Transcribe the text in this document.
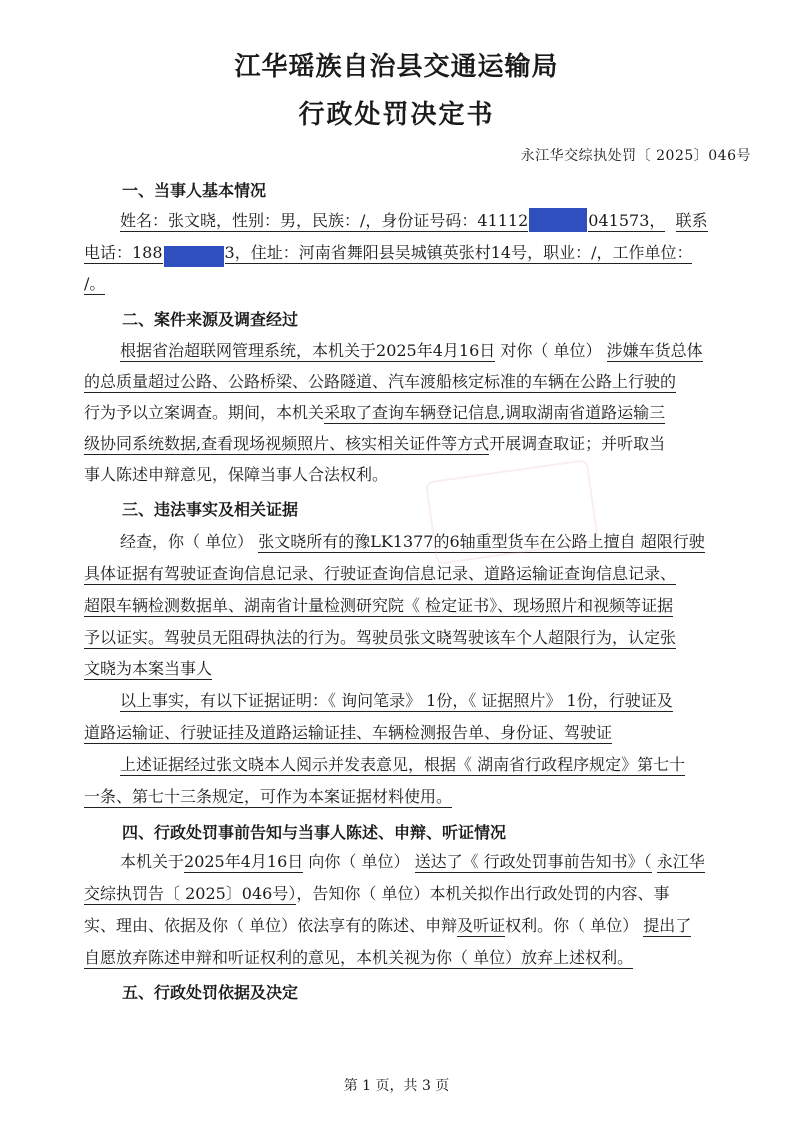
江华瑶族自治县交通运输局
行政处罚决定书
永江华交综执处罚〔 2025〕046号
一、当事人基本情况
姓名：张文晓，性别：男，民族：/，身份证号码：41112	041573， 联系
电话：188	3，住址：河南省舞阳县吴城镇英张村14号，职业：/，工作单位：
/。
二、案件来源及调查经过
根据省治超联网管理系统，本机关于2025年4月16日 对你（ 单位） 涉嫌车货总体
的总质量超过公路、公路桥梁、公路隧道、汽车渡船核定标准的车辆在公路上行驶的
行为予以立案调查。期间，本机关采取了查询车辆登记信息,调取湖南省道路运输三
级协同系统数据,查看现场视频照片、核实相关证件等方式开展调查取证；并听取当
事人陈述申辩意见，保障当事人合法权利。
三、违法事实及相关证据
经查，你（ 单位） 张文晓所有的豫LK1377的6轴重型货车在公路上擅自 超限行驶
具体证据有驾驶证查询信息记录、行驶证查询信息记录、道路运输证查询信息记录、
超限车辆检测数据单、湖南省计量检测研究院《 检定证书》、现场照片和视频等证据
予以证实。驾驶员无阻碍执法的行为。驾驶员张文晓驾驶该车个人超限行为，认定张
文晓为本案当事人
以上事实，有以下证据证明：《 询问笔录》 1份，《 证据照片》 1份，行驶证及
道路运输证、行驶证挂及道路运输证挂、车辆检测报告单、身份证、驾驶证
上述证据经过张文晓本人阅示并发表意见，根据《 湖南省行政程序规定》第七十
一条、第七十三条规定，可作为本案证据材料使用。
四、行政处罚事前告知与当事人陈述、申辩、听证情况
本机关于2025年4月16日 向你（ 单位） 送达了《 行政处罚事前告知书》（ 永江华
交综执罚告〔 2025〕046号），告知你（ 单位）本机关拟作出行政处罚的内容、事
实、理由、依据及你（ 单位）依法享有的陈述、申辩及听证权利。你（ 单位） 提出了
自愿放弃陈述申辩和听证权利的意见，本机关视为你（ 单位）放弃上述权利。
五、行政处罚依据及决定
第 1 页，共 3 页
